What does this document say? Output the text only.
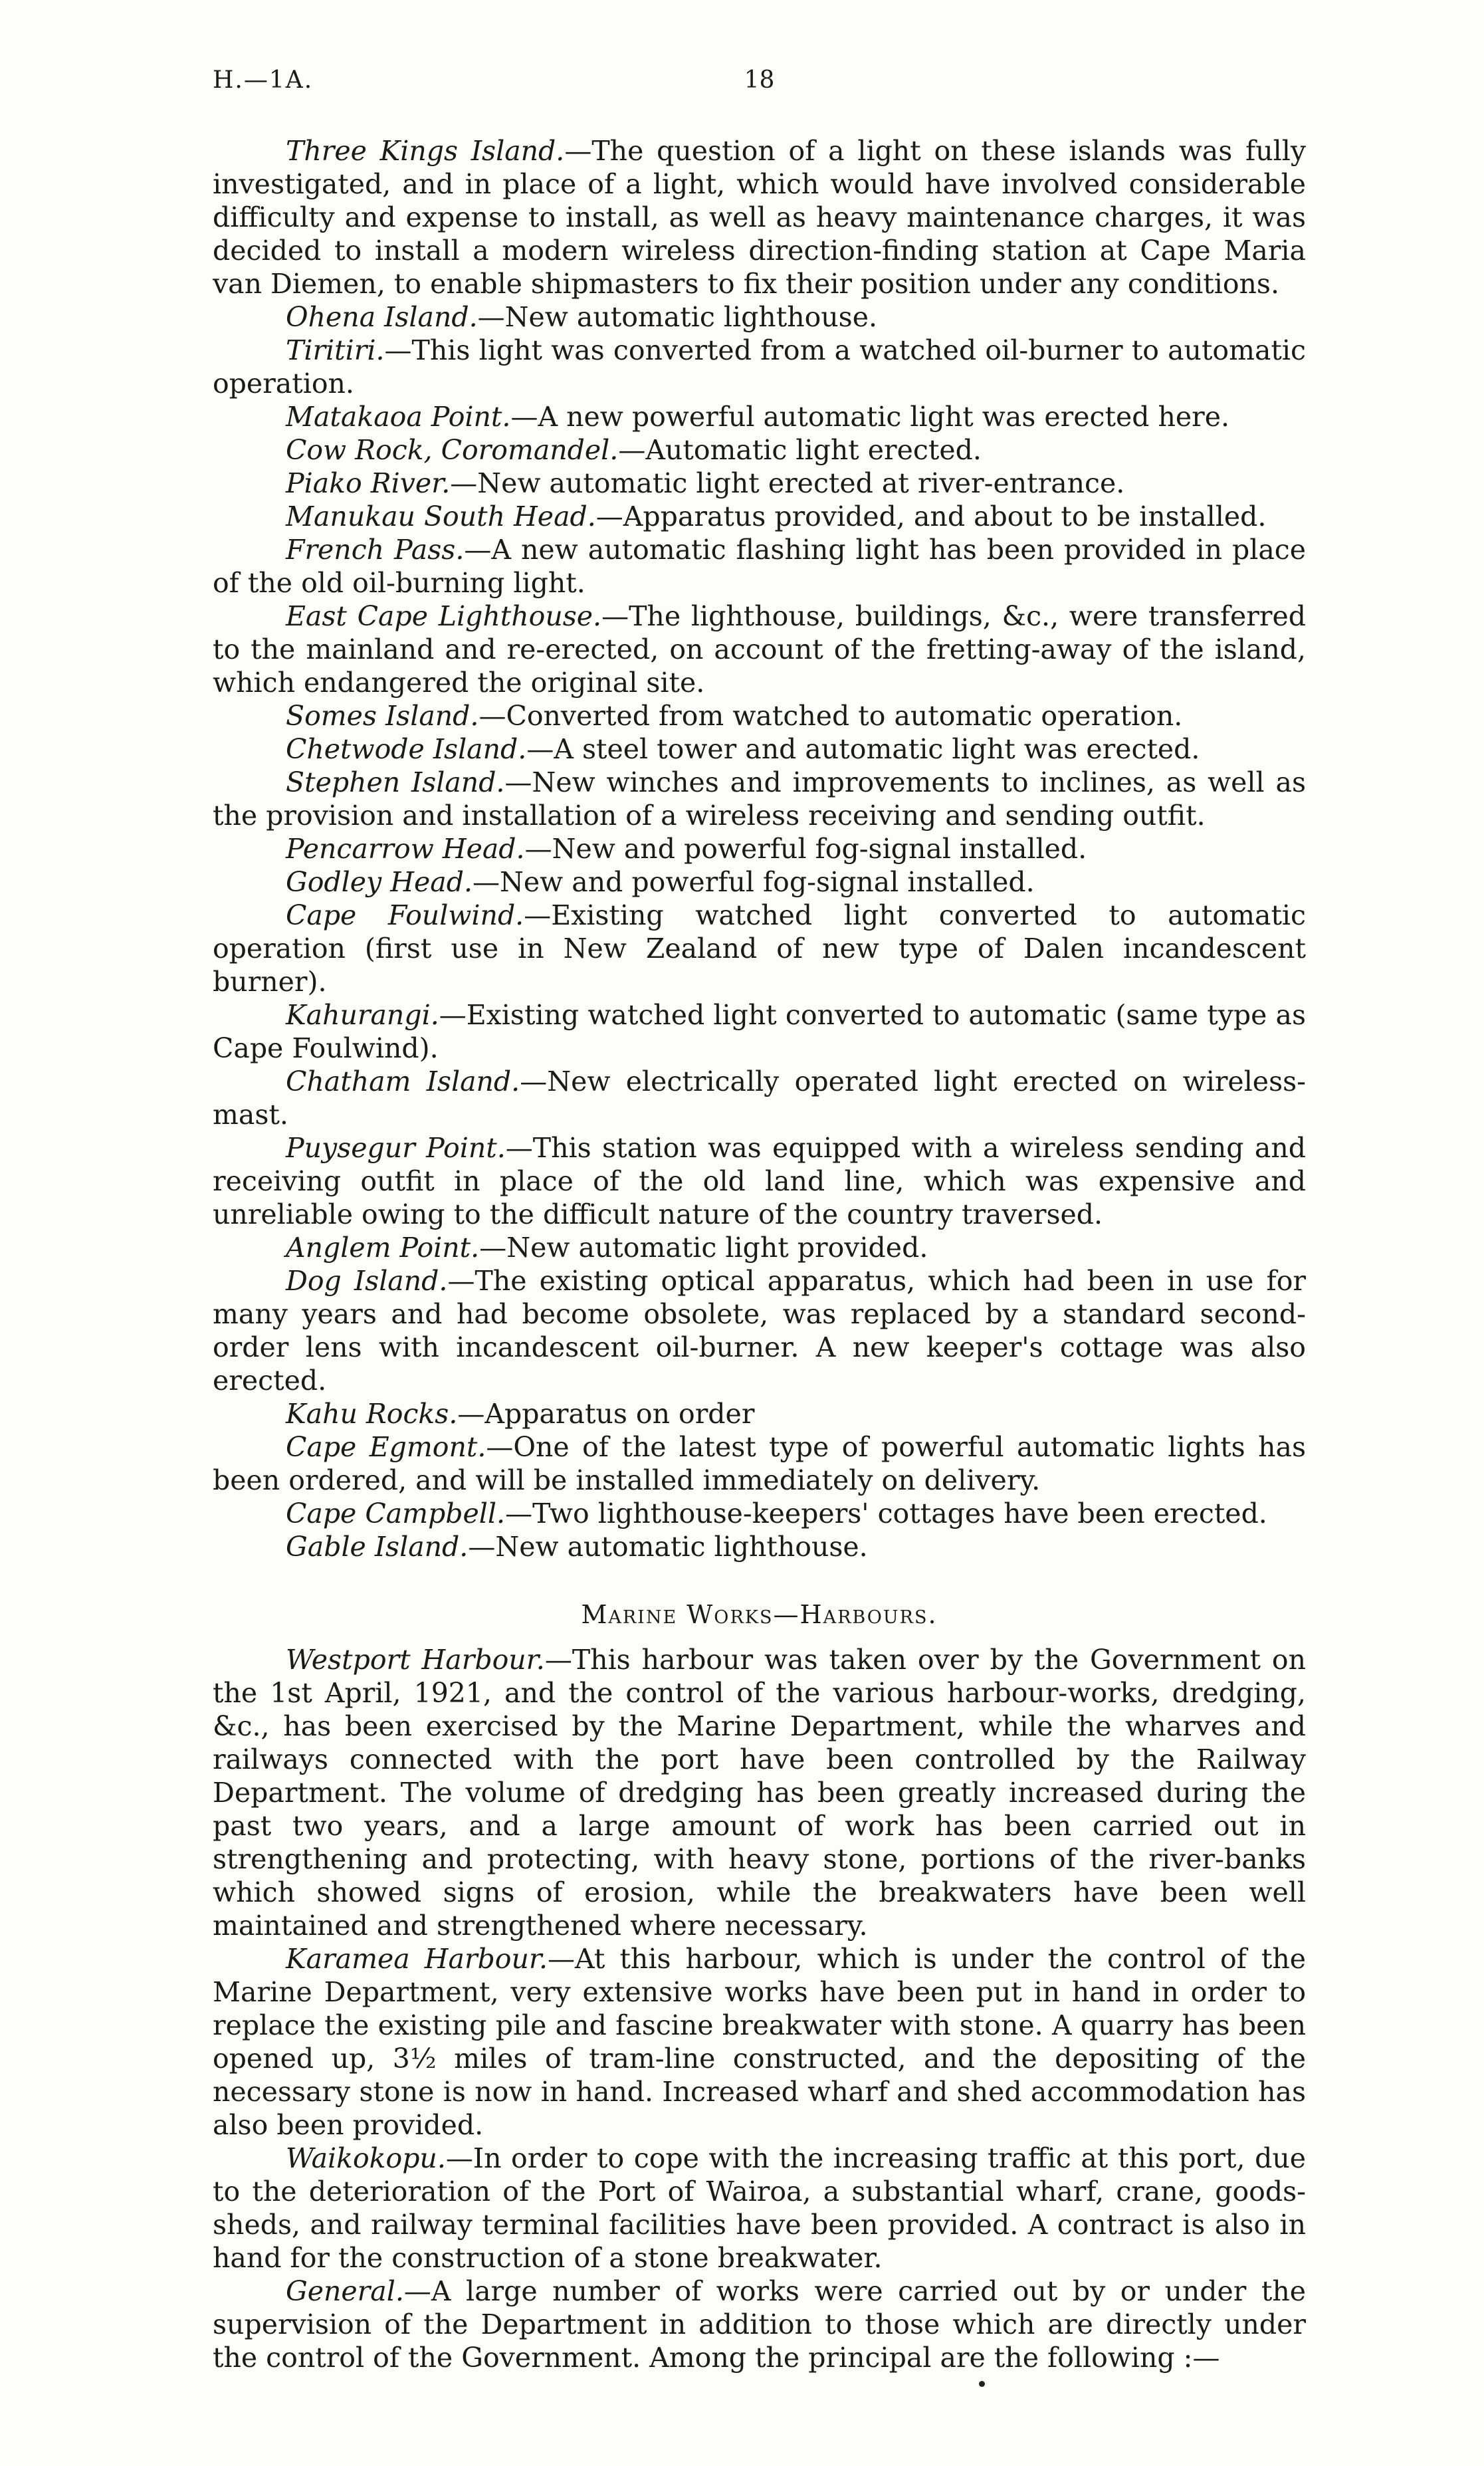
H.—1A.	18

Three Kings Island.—The question of a light on these islands was fully investigated, and in place of a light, which would have involved considerable difficulty and expense to install, as well as heavy maintenance charges, it was decided to install a modern wireless direction-finding station at Cape Maria van Diemen, to enable shipmasters to fix their position under any conditions.

Ohena Island.—New automatic lighthouse.

Tiritiri.—This light was converted from a watched oil-burner to automatic operation.

Matakaoa Point.—A new powerful automatic light was erected here.

Cow Rock, Coromandel.—Automatic light erected.

Piako River.—New automatic light erected at river-entrance.

Manukau South Head.—Apparatus provided, and about to be installed.

French Pass.—A new automatic flashing light has been provided in place of the old oil-burning light.

East Cape Lighthouse.—The lighthouse, buildings, &c., were transferred to the mainland and re-erected, on account of the fretting-away of the island, which endangered the original site.

Somes Island.—Converted from watched to automatic operation.

Chetwode Island.—A steel tower and automatic light was erected.

Stephen Island.—New winches and improvements to inclines, as well as the provision and installation of a wireless receiving and sending outfit.

Pencarrow Head.—New and powerful fog-signal installed.

Godley Head.—New and powerful fog-signal installed.

Cape Foulwind.—Existing watched light converted to automatic operation (first use in New Zealand of new type of Dalen incandescent burner).

Kahurangi.—Existing watched light converted to automatic (same type as Cape Foulwind).

Chatham Island.—New electrically operated light erected on wireless-mast.

Puysegur Point.—This station was equipped with a wireless sending and receiving outfit in place of the old land line, which was expensive and unreliable owing to the difficult nature of the country traversed.

Anglem Point.—New automatic light provided.

Dog Island.—The existing optical apparatus, which had been in use for many years and had become obsolete, was replaced by a standard second-order lens with incandescent oil-burner. A new keeper's cottage was also erected.

Kahu Rocks.—Apparatus on order

Cape Egmont.—One of the latest type of powerful automatic lights has been ordered, and will be installed immediately on delivery.

Cape Campbell.—Two lighthouse-keepers' cottages have been erected.

Gable Island.—New automatic lighthouse.

Marine Works—Harbours.

Westport Harbour.—This harbour was taken over by the Government on the 1st April, 1921, and the control of the various harbour-works, dredging, &c., has been exercised by the Marine Department, while the wharves and railways connected with the port have been controlled by the Railway Department. The volume of dredging has been greatly increased during the past two years, and a large amount of work has been carried out in strengthening and protecting, with heavy stone, portions of the river-banks which showed signs of erosion, while the breakwaters have been well maintained and strengthened where necessary.

Karamea Harbour.—At this harbour, which is under the control of the Marine Department, very extensive works have been put in hand in order to replace the existing pile and fascine breakwater with stone. A quarry has been opened up, 3½ miles of tram-line constructed, and the depositing of the necessary stone is now in hand. Increased wharf and shed accommodation has also been provided.

Waikokopu.—In order to cope with the increasing traffic at this port, due to the deterioration of the Port of Wairoa, a substantial wharf, crane, goods-sheds, and railway terminal facilities have been provided. A contract is also in hand for the construction of a stone breakwater.

General.—A large number of works were carried out by or under the supervision of the Department in addition to those which are directly under the control of the Government. Among the principal are the following :—
